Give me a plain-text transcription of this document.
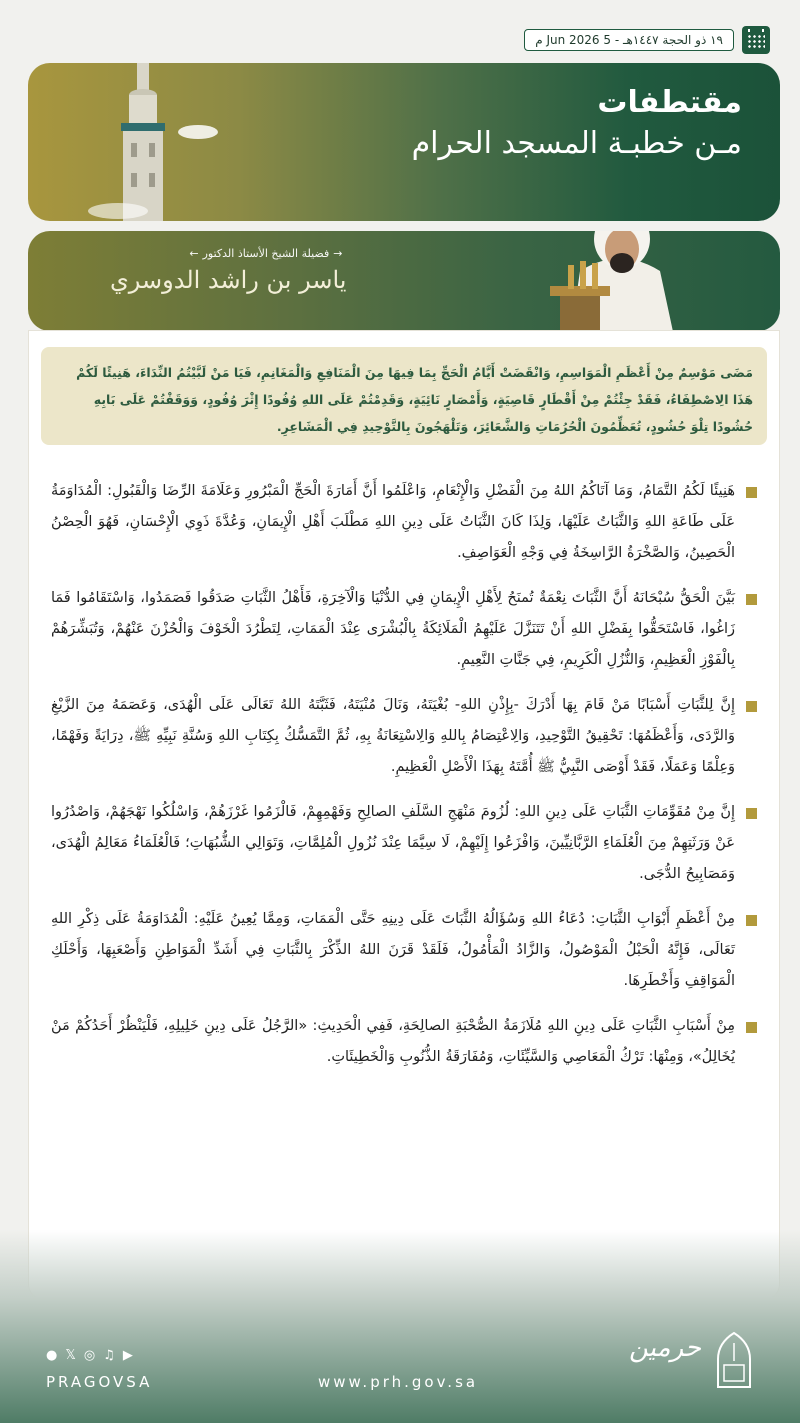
١٩ ذو الحجة ١٤٤٧هـ - 5 Jun 2026 م
مقتطفات
مـن خطبـة المسجد الحرام
→فضيلة الشيخ الأستاذ الدكتور←
ياسر بن راشد الدوسري
مَضَى مَوْسِمٌ مِنْ أَعْظَمِ الْمَوَاسِمِ، وَانْقَضَتْ أَيَّامُ الْحَجِّ بِمَا فِيهَا مِنَ الْمَنَافِعِ وَالْمَغَانِمِ، فَيَا مَنْ لَبَّيْتُمُ النِّدَاءَ، هَنِيئًا لَكُمْ هَذَا الِاصْطِفَاءُ، فَقَدْ جِئْتُمْ مِنْ أَقْطَارٍ قَاصِيَةٍ، وَأَمْصَارٍ نَائِيَةٍ، وَقَدِمْتُمْ عَلَى اللهِ وُفُودًا إِثْرَ وُفُودٍ، وَوَقَفْتُمْ عَلَى بَابِهِ حُشُودًا تِلْوَ حُشُودٍ، تُعَظِّمُونَ الْحُرُمَاتِ وَالشَّعَائِرَ، وَتَلْهَجُونَ بِالتَّوْحِيدِ فِي الْمَشَاعِرِ.
هَنِيئًا لَكُمُ التَّمَامُ، وَمَا آتَاكُمُ اللهُ مِنَ الْفَضْلِ وَالْإِنْعَامِ، وَاعْلَمُوا أَنَّ أَمَارَةَ الْحَجِّ الْمَبْرُورِ وَعَلَامَةَ الرِّضَا وَالْقَبُولِ: الْمُدَاوَمَةُ عَلَى طَاعَةِ اللهِ وَالثَّبَاتُ عَلَيْهَا، وَلِذَا كَانَ الثَّبَاتُ عَلَى دِينِ اللهِ مَطْلَبَ أَهْلِ الْإِيمَانِ، وَعُدَّةَ ذَوِي الْإِحْسَانِ، فَهُوَ الْحِصْنُ الْحَصِينُ، وَالصَّخْرَةُ الرَّاسِخَةُ فِي وَجْهِ الْعَوَاصِفِ.
بَيَّنَ الْحَقُّ سُبْحَانَهُ أَنَّ الثَّبَاتَ نِعْمَةٌ تُمنَحُ لِأَهْلِ الْإِيمَانِ فِي الدُّنْيَا وَالْآخِرَةِ، فَأَهْلُ الثَّبَاتِ صَدَقُوا فَصَمَدُوا، وَاسْتَقَامُوا فَمَا زَاغُوا، فَاسْتَحَقُّوا بِفَضْلِ اللهِ أَنْ تَتَنَزَّلَ عَلَيْهِمُ الْمَلَائِكَةُ بِالْبُشْرَى عِنْدَ الْمَمَاتِ، لِتَطْرُدَ الْخَوْفَ وَالْحُزْنَ عَنْهُمْ، وَتُبَشِّرَهُمْ بِالْفَوْزِ الْعَظِيمِ، وَالنُّزُلِ الْكَرِيمِ، فِي جَنَّاتِ النَّعِيمِ.
إِنَّ لِلثَّبَاتِ أَسْبَابًا مَنْ قَامَ بِهَا أَدْرَكَ -بِإِذْنِ اللهِ- بُغْيَتَهُ، وَنَالَ مُنْيَتَهُ، فَثَبَّتَهُ اللهُ تَعَالَى عَلَى الْهُدَى، وَعَصَمَهُ مِنَ الزَّيْغِ وَالرَّدَى، وَأَعْظَمُهَا: تَحْقِيقُ التَّوْحِيدِ، وَالِاعْتِصَامُ بِاللهِ وَالِاسْتِعَانَةُ بِهِ، ثُمَّ التَّمَسُّكُ بِكِتَابِ اللهِ وَسُنَّةِ نَبِيِّهِ ﷺ، دِرَايَةً وَفَهْمًا، وَعِلْمًا وَعَمَلًا، فَقَدْ أَوْصَى النَّبِيُّ ﷺ أُمَّتَهُ بِهَذَا الْأَصْلِ الْعَظِيمِ.
إِنَّ مِنْ مُقَوِّمَاتِ الثَّبَاتِ عَلَى دِينِ اللهِ: لُزُومَ مَنْهَجِ السَّلَفِ الصالِحِ وَفَهْمِهِمْ، فَالْزَمُوا غَرْزَهُمْ، وَاسْلُكُوا نَهْجَهُمْ، وَاصْدُرُوا عَنْ وَرَثَتِهِمْ مِنَ الْعُلَمَاءِ الرَّبَّانِيِّينَ، وَافْزَعُوا إِلَيْهِمْ، لَا سِيَّمَا عِنْدَ نُزُولِ الْمُلِمَّاتِ، وَتَوَالِي الشُّبُهَاتِ؛ فَالْعُلَمَاءُ مَعَالِمُ الْهُدَى، وَمَصَابِيحُ الدُّجَى.
مِنْ أَعْظَمِ أَبْوَابِ الثَّبَاتِ: دُعَاءُ اللهِ وَسُؤَالُهُ الثَّبَاتَ عَلَى دِينِهِ حَتَّى الْمَمَاتِ، وَمِمَّا يُعِينُ عَلَيْهِ: الْمُدَاوَمَةُ عَلَى ذِكْرِ اللهِ تَعَالَى، فَإِنَّهُ الْحَبْلُ الْمَوْصُولُ، وَالزَّادُ الْمَأْمُولُ، فَلَقَدْ قَرَنَ اللهُ الذِّكْرَ بِالثَّبَاتِ فِي أَشَدِّ الْمَوَاطِنِ وَأَصْعَبِهَا، وَأَحْلَكِ الْمَوَاقِفِ وَأَخْطَرِهَا.
مِنْ أَسْبَابِ الثَّبَاتِ عَلَى دِينِ اللهِ مُلَازَمَةُ الصُّحْبَةِ الصالِحَةِ، فَفِي الْحَدِيثِ: «الرَّجُلُ عَلَى دِينِ خَلِيلِهِ، فَلْيَنْظُرْ أَحَدُكُمْ مَنْ يُخَالِلُ»، وَمِنْهَا: تَرْكُ الْمَعَاصِي وَالسَّيِّئَاتِ، وَمُفَارَقَةُ الذُّنُوبِ وَالْخَطِيئَاتِ.
● 𝕏 ◎ ♫ ▶
PRAGOVSA	www.prh.gov.sa
حرمين
